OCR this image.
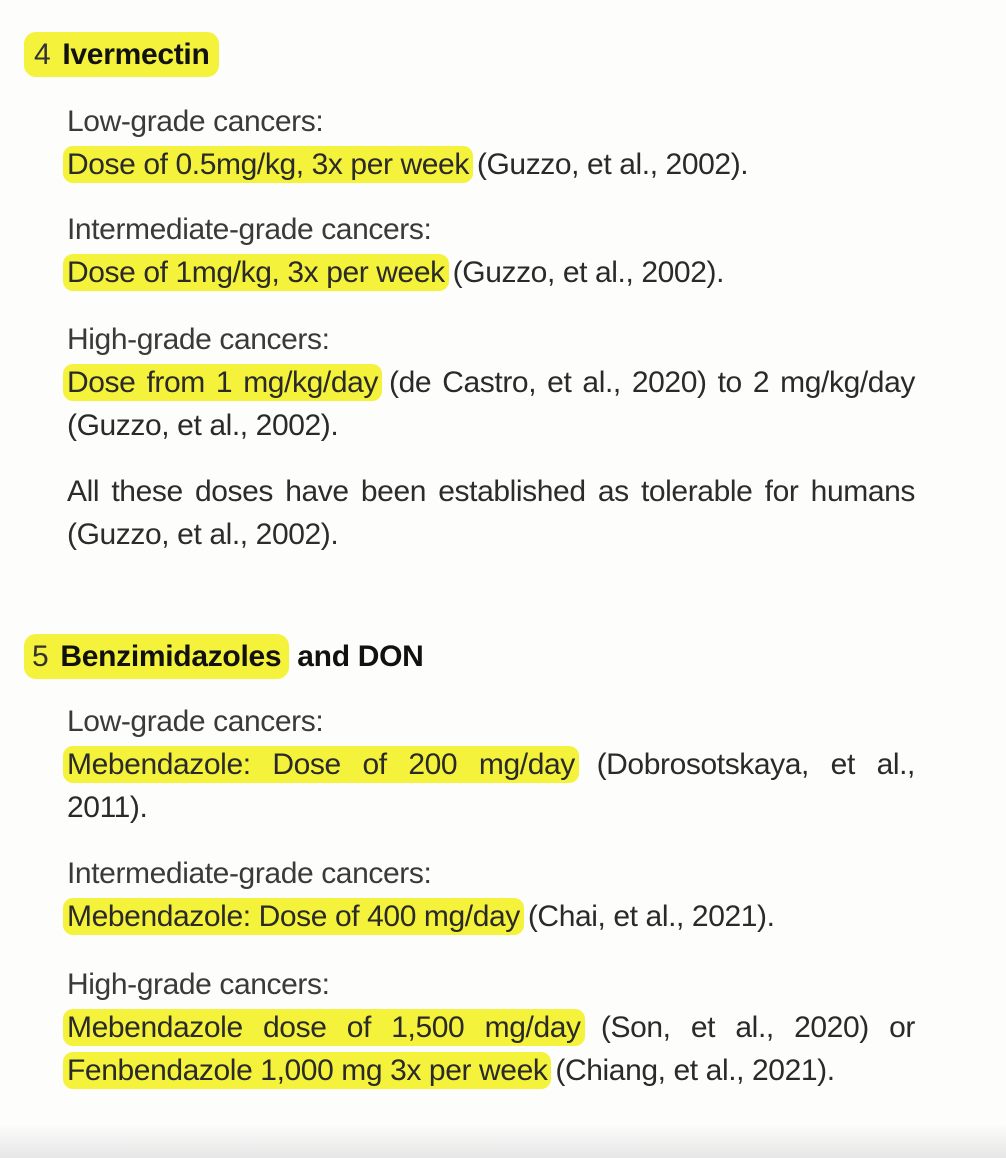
4 Ivermectin
Low-grade cancers:
Dose of 0.5mg/kg, 3x per week (Guzzo, et al., 2002).
Intermediate-grade cancers:
Dose of 1mg/kg, 3x per week (Guzzo, et al., 2002).
High-grade cancers:
Dose from 1 mg/kg/day (de Castro, et al., 2020) to 2 mg/kg/day (Guzzo, et al., 2002).
All these doses have been established as tolerable for humans (Guzzo, et al., 2002).
5 Benzimidazoles and DON
Low-grade cancers:
Mebendazole: Dose of 200 mg/day (Dobrosotskaya, et al., 2011).
Intermediate-grade cancers:
Mebendazole: Dose of 400 mg/day (Chai, et al., 2021).
High-grade cancers:
Mebendazole dose of 1,500 mg/day (Son, et al., 2020) or Fenbendazole 1,000 mg 3x per week (Chiang, et al., 2021).
